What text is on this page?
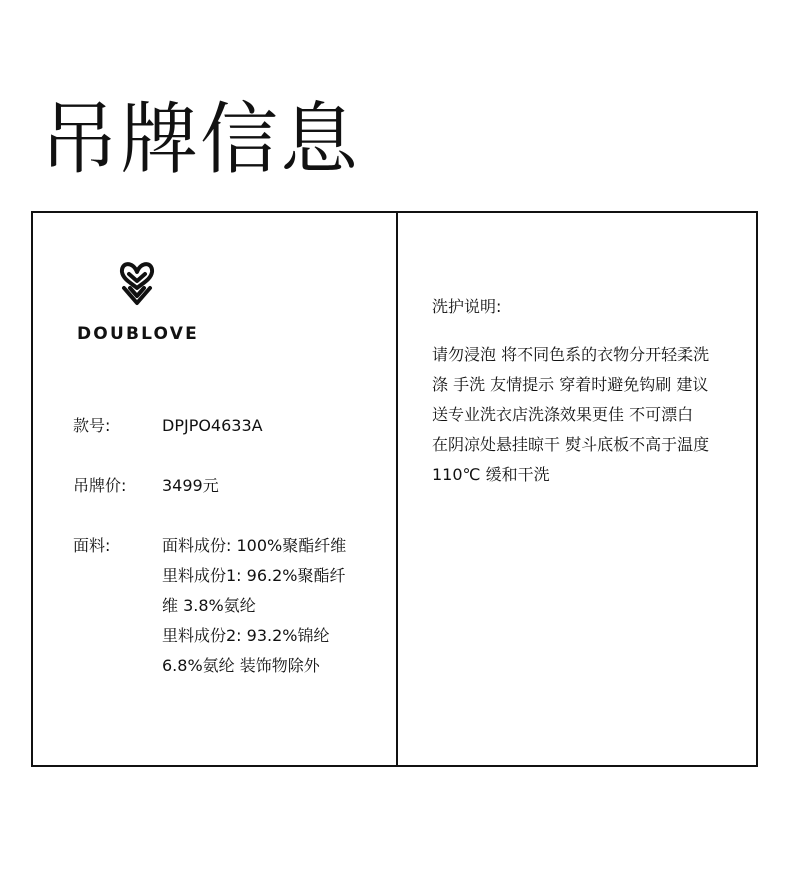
吊牌信息
DOUBLOVE
款号:	DPJPO4633A
吊牌价: 3499元
面料:	面料成份: 100%聚酯纤维
里料成份1: 96.2%聚酯纤
维 3.8%氨纶
里料成份2: 93.2%锦纶
6.8%氨纶 装饰物除外
洗护说明:
请勿浸泡 将不同色系的衣物分开轻柔洗
涤 手洗 友情提示 穿着时避免钩刷 建议
送专业洗衣店洗涤效果更佳 不可漂白
在阴凉处悬挂晾干 熨斗底板不高于温度
110℃ 缓和干洗
